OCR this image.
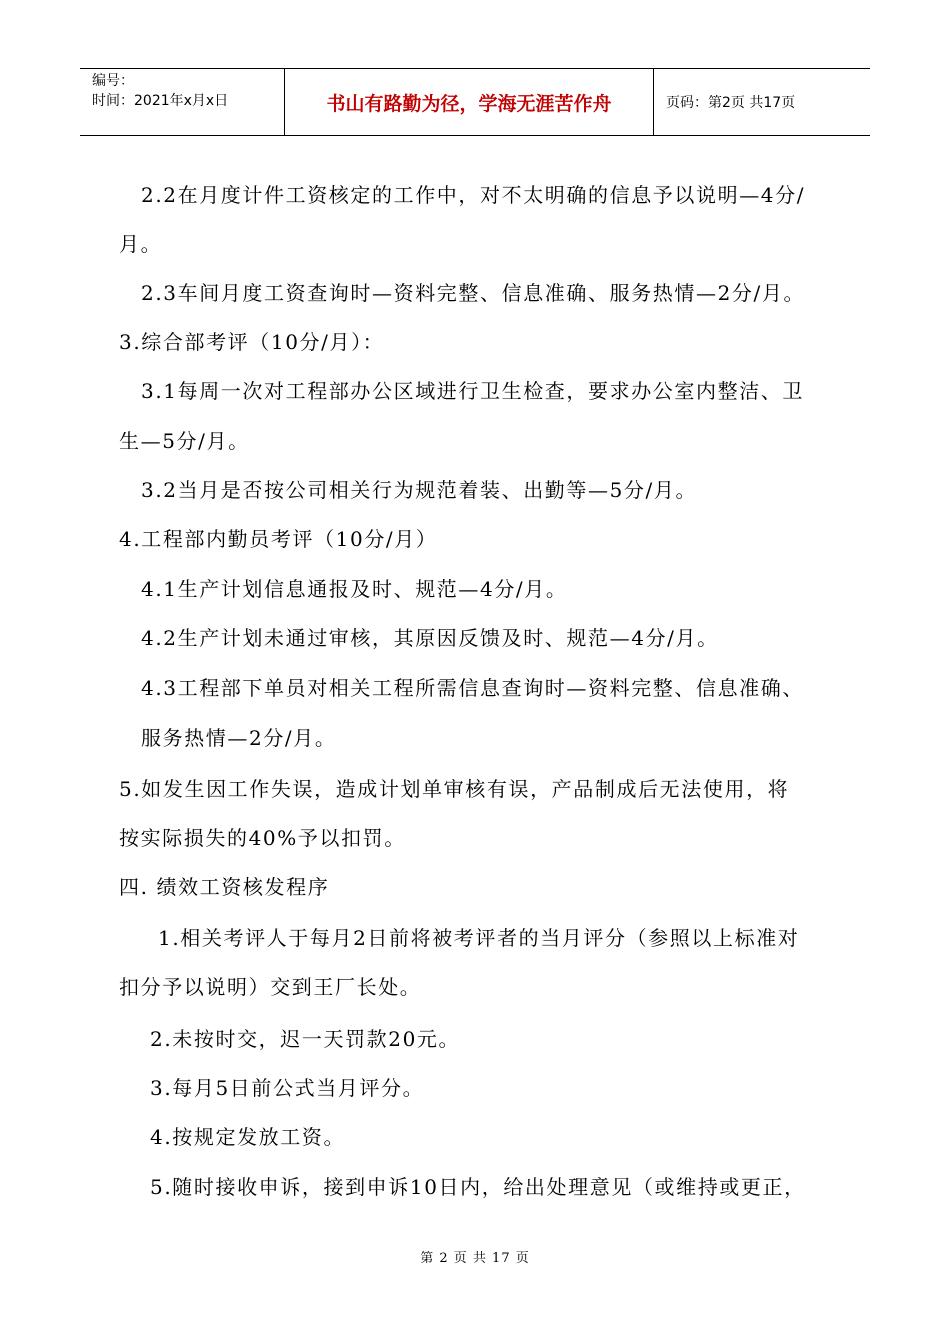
编号：
时间：2021年x月x日	书山有路勤为径，学海无涯苦作舟	页码：第2页 共17页
2.2在月度计件工资核定的工作中，对不太明确的信息予以说明—4分/
月。
2.3车间月度工资查询时—资料完整、信息准确、服务热情—2分/月。
3.综合部考评（10分/月）：
3.1每周一次对工程部办公区域进行卫生检查，要求办公室内整洁、卫
生—5分/月。
3.2当月是否按公司相关行为规范着装、出勤等—5分/月。
4.工程部内勤员考评（10分/月）
4.1生产计划信息通报及时、规范—4分/月。
4.2生产计划未通过审核，其原因反馈及时、规范—4分/月。
4.3工程部下单员对相关工程所需信息查询时—资料完整、信息准确、
服务热情—2分/月。
5.如发生因工作失误，造成计划单审核有误，产品制成后无法使用，将
按实际损失的40%予以扣罚。
四. 绩效工资核发程序
1.相关考评人于每月2日前将被考评者的当月评分（参照以上标准对
扣分予以说明）交到王厂长处。
2.未按时交，迟一天罚款20元。
3.每月5日前公式当月评分。
4.按规定发放工资。
5.随时接收申诉，接到申诉10日内，给出处理意见（或维持或更正，
第 2 页 共 17 页
